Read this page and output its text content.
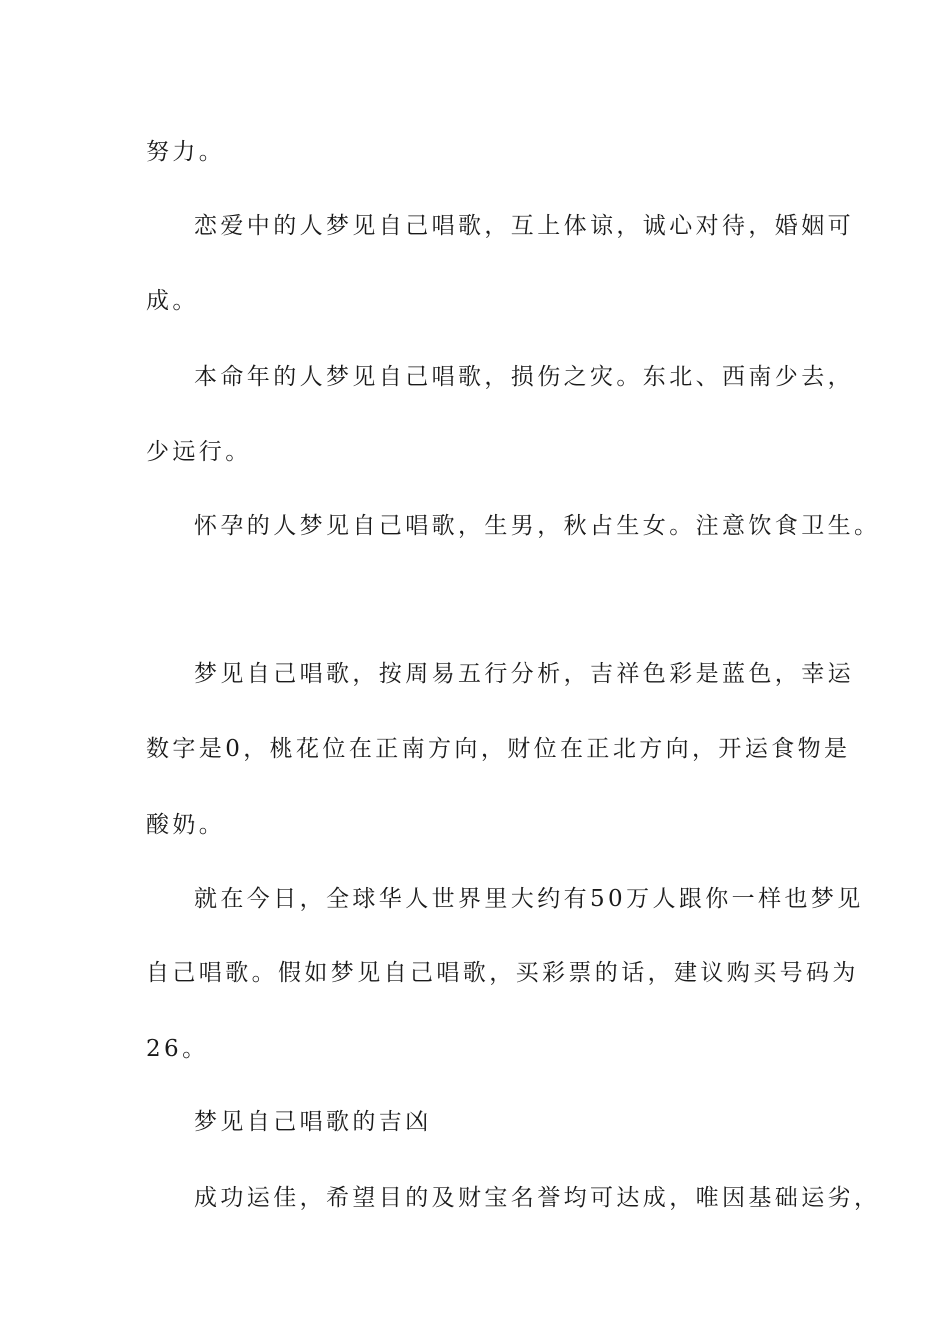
努力。

恋爱中的人梦见自己唱歌，互上体谅，诚心对待，婚姻可

成。

本命年的人梦见自己唱歌，损伤之灾。东北、西南少去，

少远行。

怀孕的人梦见自己唱歌，生男，秋占生女。注意饮食卫生。

梦见自己唱歌，按周易五行分析，吉祥色彩是蓝色，幸运

数字是0，桃花位在正南方向，财位在正北方向，开运食物是

酸奶。

就在今日，全球华人世界里大约有50万人跟你一样也梦见

自己唱歌。假如梦见自己唱歌，买彩票的话，建议购买号码为

26。

梦见自己唱歌的吉凶

成功运佳，希望目的及财宝名誉均可达成，唯因基础运劣，
